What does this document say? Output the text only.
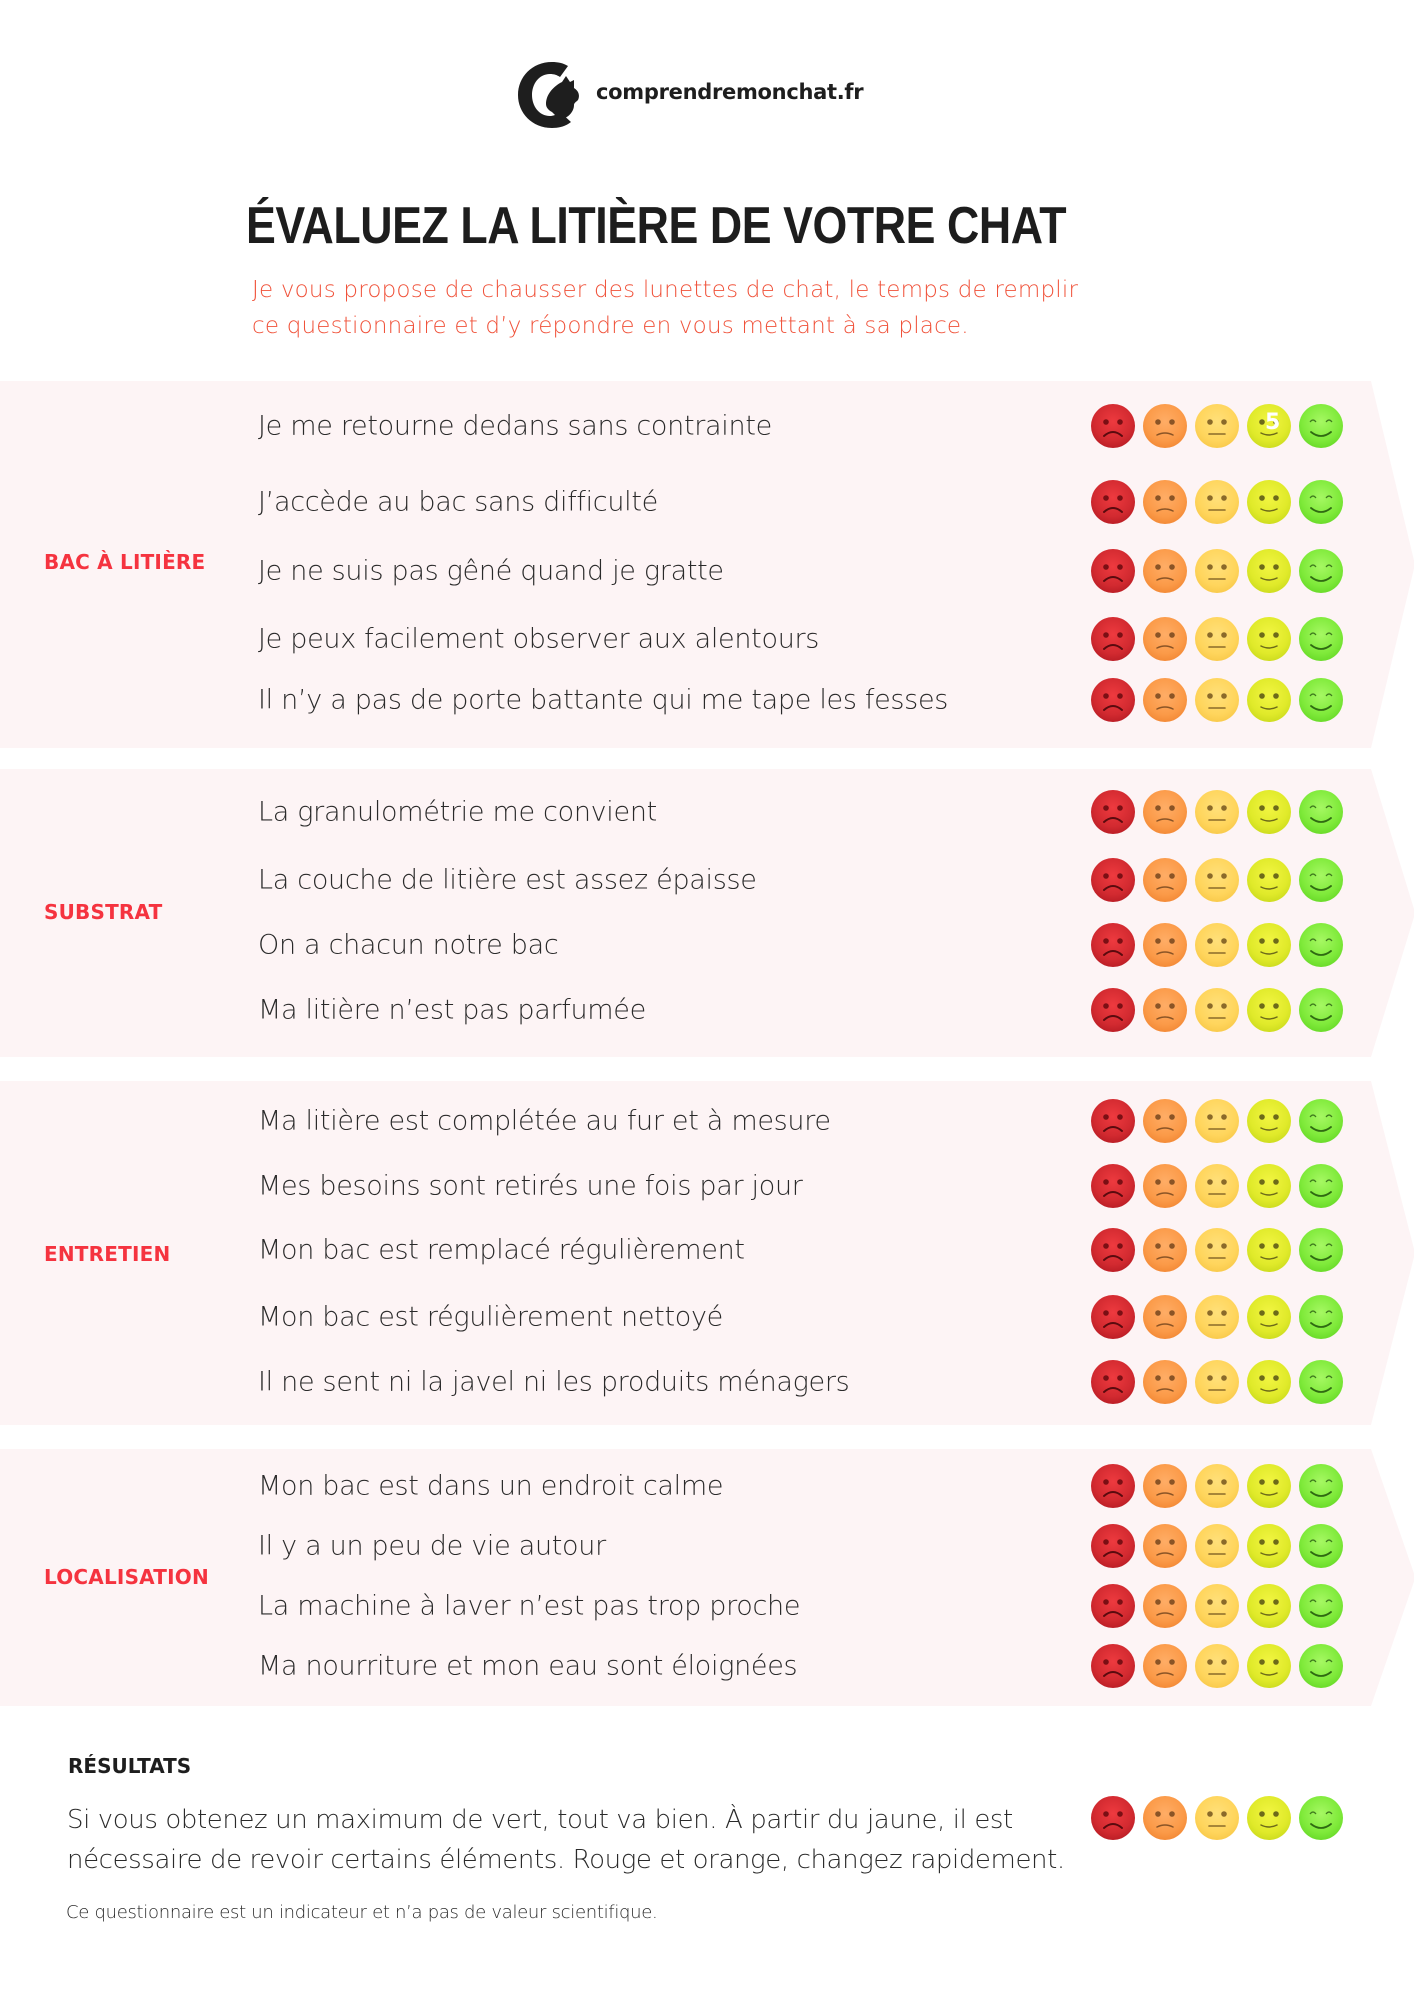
comprendremonchat.fr
ÉVALUEZ LA LITIÈRE DE VOTRE CHAT
Je vous propose de chausser des lunettes de chat, le temps de remplir
ce questionnaire et d’y répondre en vous mettant à sa place.
BAC À LITIÈRE
Je me retourne dedans sans contrainte	5
J’accède au bac sans difficulté
Je ne suis pas gêné quand je gratte
Je peux facilement observer aux alentours
Il n’y a pas de porte battante qui me tape les fesses
SUBSTRAT
La granulométrie me convient
La couche de litière est assez épaisse
On a chacun notre bac
Ma litière n’est pas parfumée
ENTRETIEN
Ma litière est complétée au fur et à mesure
Mes besoins sont retirés une fois par jour
Mon bac est remplacé régulièrement
Mon bac est régulièrement nettoyé
Il ne sent ni la javel ni les produits ménagers
LOCALISATION
Mon bac est dans un endroit calme
Il y a un peu de vie autour
La machine à laver n’est pas trop proche
Ma nourriture et mon eau sont éloignées
RÉSULTATS
Si vous obtenez un maximum de vert, tout va bien. À partir du jaune, il est
nécessaire de revoir certains éléments. Rouge et orange, changez rapidement.
Ce questionnaire est un indicateur et n’a pas de valeur scientifique.
